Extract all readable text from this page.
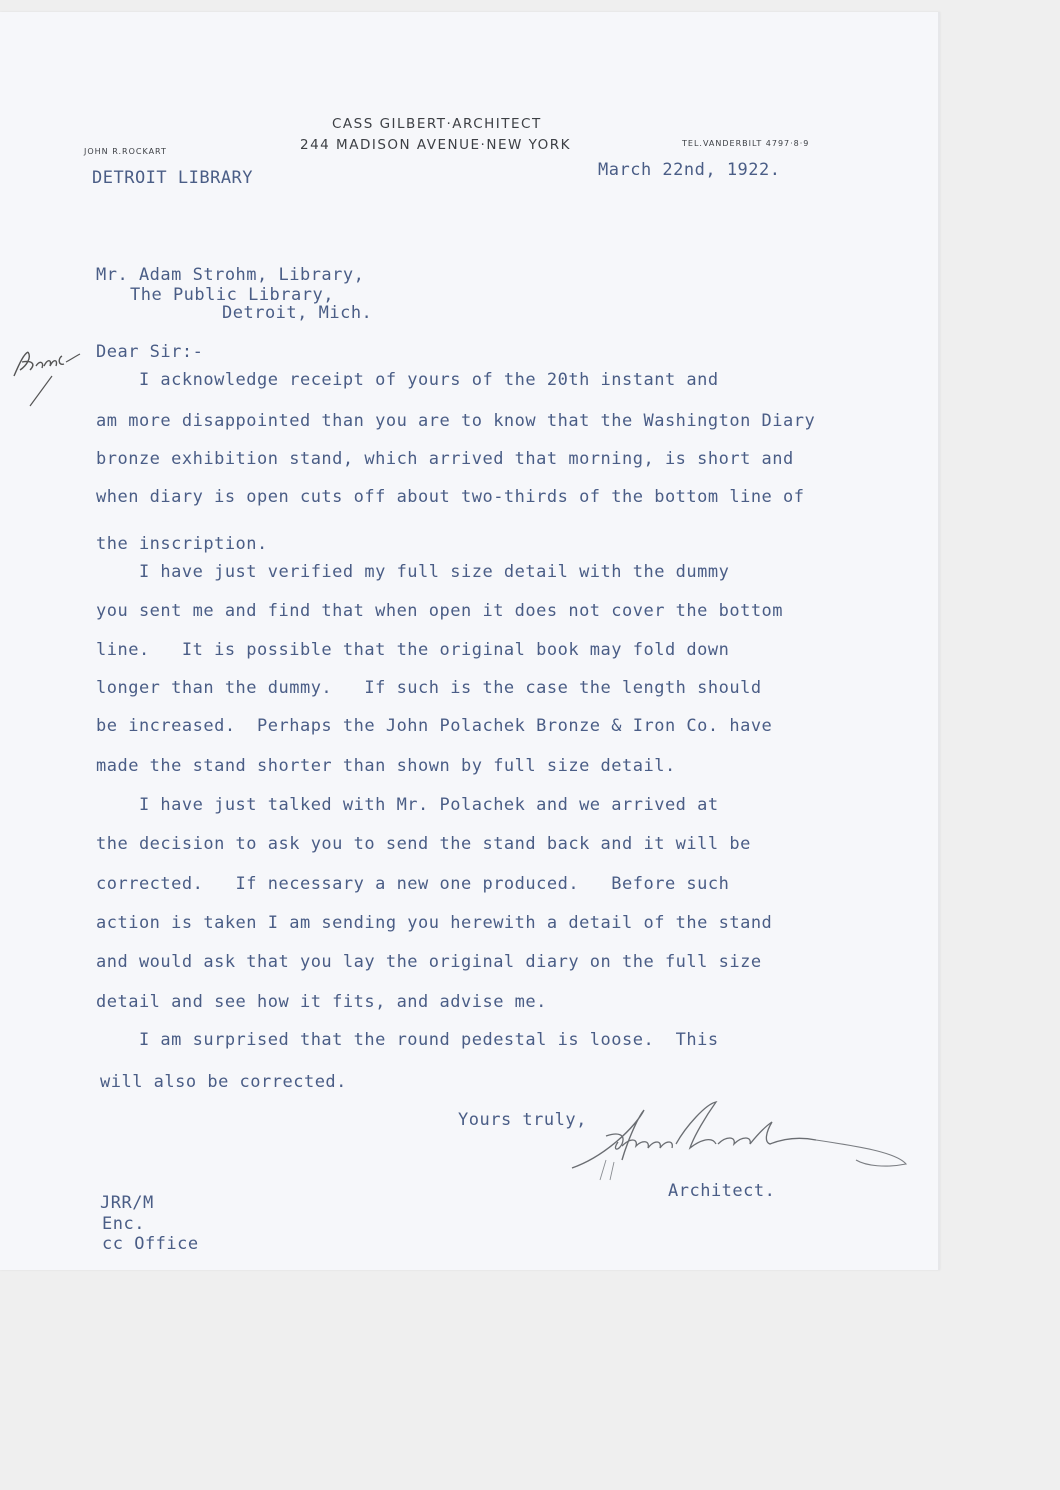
CASS GILBERT·ARCHITECT
244 MADISON AVENUE·NEW YORK
JOHN R.ROCKART
TEL.VANDERBILT 4797·8·9
DETROIT LIBRARY	March 22nd, 1922.
Mr. Adam Strohm, Library,
The Public Library,
Detroit, Mich.
Dear Sir:-
I acknowledge receipt of yours of the 20th instant and
am more disappointed than you are to know that the Washington Diary
bronze exhibition stand, which arrived that morning, is short and
when diary is open cuts off about two-thirds of the bottom line of
the inscription.
I have just verified my full size detail with the dummy
you sent me and find that when open it does not cover the bottom
line.   It is possible that the original book may fold down
longer than the dummy.   If such is the case the length should
be increased.  Perhaps the John Polachek Bronze & Iron Co. have
made the stand shorter than shown by full size detail.
I have just talked with Mr. Polachek and we arrived at
the decision to ask you to send the stand back and it will be
corrected.   If necessary a new one produced.   Before such
action is taken I am sending you herewith a detail of the stand
and would ask that you lay the original diary on the full size
detail and see how it fits, and advise me.
I am surprised that the round pedestal is loose.  This
will also be corrected.
Yours truly,
Architect.
JRR/M
Enc.
cc Office
